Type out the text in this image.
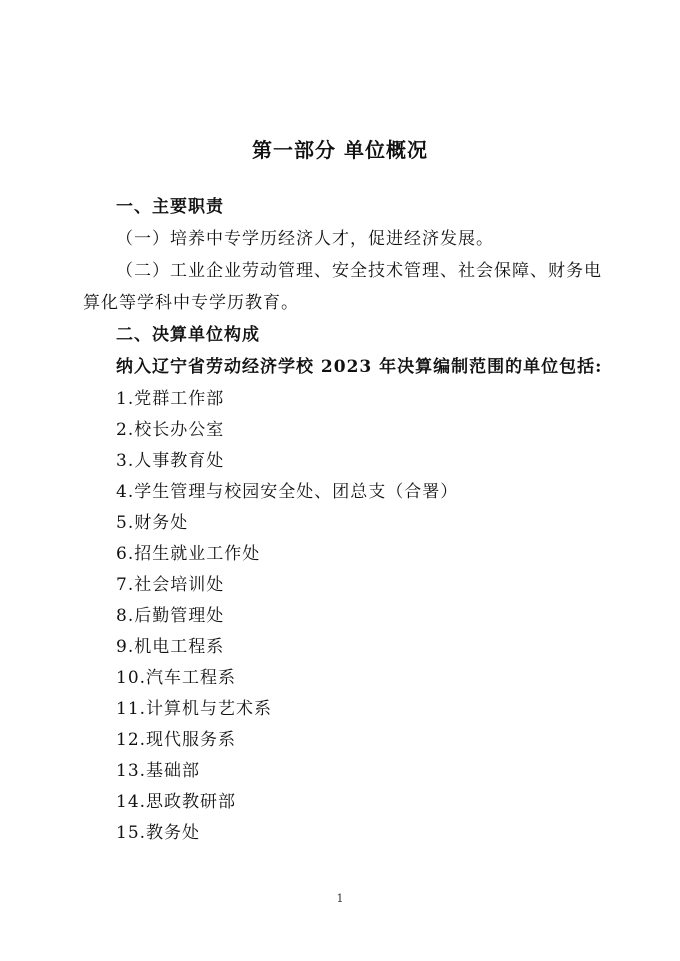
第一部分 单位概况
一、主要职责
（一）培养中专学历经济人才，促进经济发展。
（二）工业企业劳动管理、安全技术管理、社会保障、财务电
算化等学科中专学历教育。
二、决算单位构成
纳入辽宁省劳动经济学校 2023 年决算编制范围的单位包括:
1.党群工作部
2.校长办公室
3.人事教育处
4.学生管理与校园安全处、团总支（合署）
5.财务处
6.招生就业工作处
7.社会培训处
8.后勤管理处
9.机电工程系
10.汽车工程系
11.计算机与艺术系
12.现代服务系
13.基础部
14.思政教研部
15.教务处
1
